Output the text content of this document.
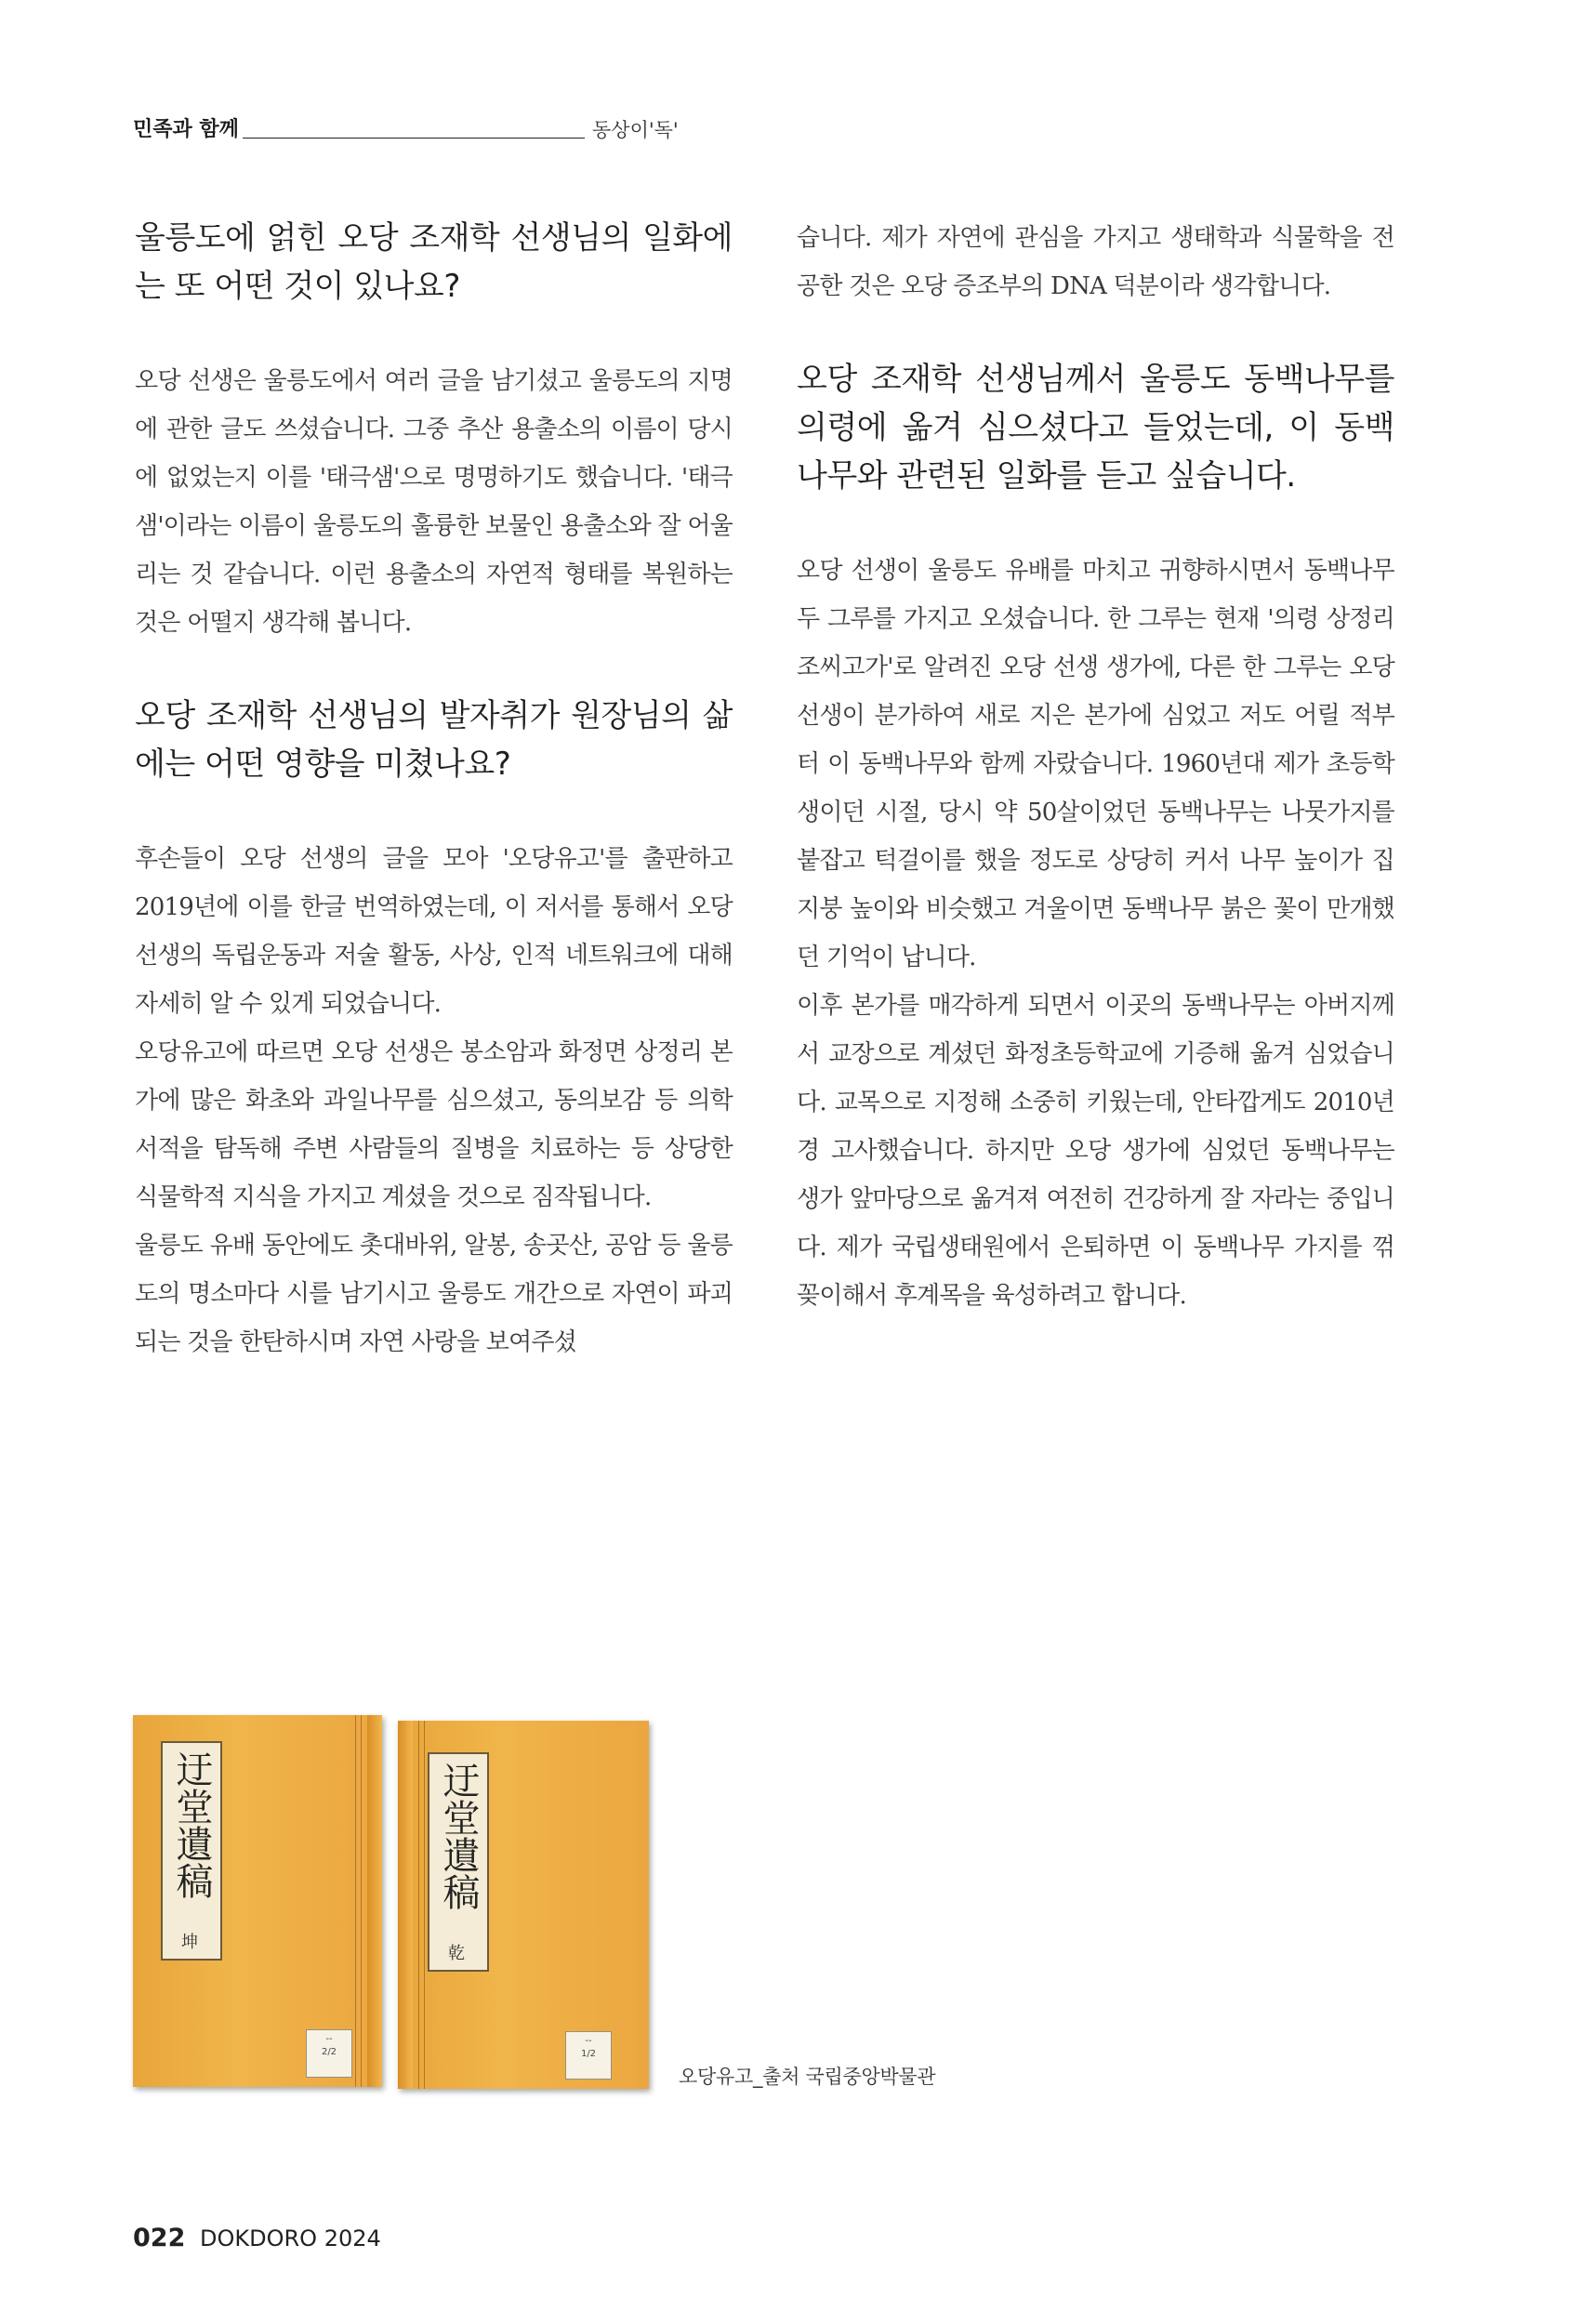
민족과 함께	동상이'독'
울릉도에 얽힌 오당 조재학 선생님의 일화에는 또 어떤 것이 있나요?

오당 선생은 울릉도에서 여러 글을 남기셨고 울릉도의 지명에 관한 글도 쓰셨습니다. 그중 추산 용출소의 이름이 당시에 없었는지 이를 '태극샘'으로 명명하기도 했습니다. '태극샘'이라는 이름이 울릉도의 훌륭한 보물인 용출소와 잘 어울리는 것 같습니다. 이런 용출소의 자연적 형태를 복원하는 것은 어떨지 생각해 봅니다.

오당 조재학 선생님의 발자취가 원장님의 삶에는 어떤 영향을 미쳤나요?

후손들이 오당 선생의 글을 모아 '오당유고'를 출판하고 2019년에 이를 한글 번역하였는데, 이 저서를 통해서 오당 선생의 독립운동과 저술 활동, 사상, 인적 네트워크에 대해 자세히 알 수 있게 되었습니다.

오당유고에 따르면 오당 선생은 봉소암과 화정면 상정리 본가에 많은 화초와 과일나무를 심으셨고, 동의보감 등 의학 서적을 탐독해 주변 사람들의 질병을 치료하는 등 상당한 식물학적 지식을 가지고 계셨을 것으로 짐작됩니다.

울릉도 유배 동안에도 촛대바위, 알봉, 송곳산, 공암 등 울릉도의 명소마다 시를 남기시고 울릉도 개간으로 자연이 파괴되는 것을 한탄하시며 자연 사랑을 보여주셨

습니다. 제가 자연에 관심을 가지고 생태학과 식물학을 전공한 것은 오당 증조부의 DNA 덕분이라 생각합니다.

오당 조재학 선생님께서 울릉도 동백나무를 의령에 옮겨 심으셨다고 들었는데, 이 동백나무와 관련된 일화를 듣고 싶습니다.

오당 선생이 울릉도 유배를 마치고 귀향하시면서 동백나무 두 그루를 가지고 오셨습니다. 한 그루는 현재 '의령 상정리 조씨고가'로 알려진 오당 선생 생가에, 다른 한 그루는 오당 선생이 분가하여 새로 지은 본가에 심었고 저도 어릴 적부터 이 동백나무와 함께 자랐습니다. 1960년대 제가 초등학생이던 시절, 당시 약 50살이었던 동백나무는 나뭇가지를 붙잡고 턱걸이를 했을 정도로 상당히 커서 나무 높이가 집 지붕 높이와 비슷했고 겨울이면 동백나무 붉은 꽃이 만개했던 기억이 납니다.

이후 본가를 매각하게 되면서 이곳의 동백나무는 아버지께서 교장으로 계셨던 화정초등학교에 기증해 옮겨 심었습니다. 교목으로 지정해 소중히 키웠는데, 안타깝게도 2010년경 고사했습니다. 하지만 오당 생가에 심었던 동백나무는 생가 앞마당으로 옮겨져 여전히 건강하게 잘 자라는 중입니다. 제가 국립생태원에서 은퇴하면 이 동백나무 가지를 꺾꽂이해서 후계목을 육성하려고 합니다.

迂堂遺稿
坤
--
2/2
迂堂遺稿
乾
--
1/2
오당유고_출처 국립중앙박물관
022 DOKDORO 2024
